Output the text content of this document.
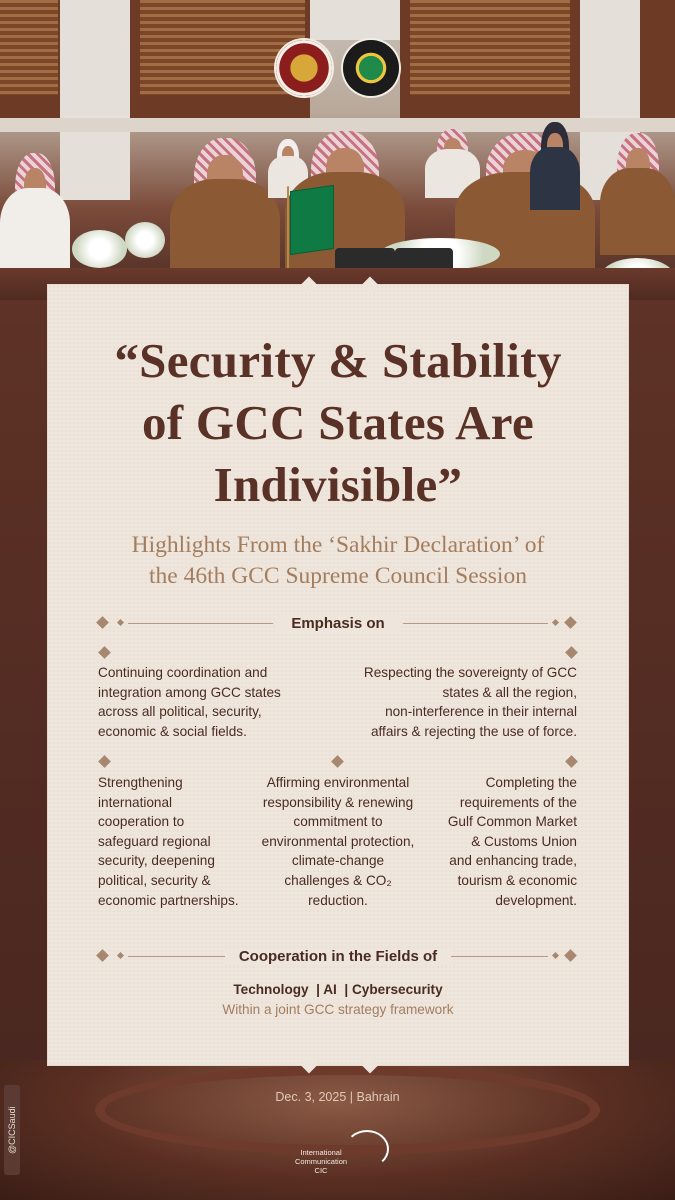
@CICSaudi
“Security & Stability
of GCC States Are
Indivisible”
Highlights From the ‘Sakhir Declaration’ of
the 46th GCC Supreme Council Session
Emphasis on
Continuing coordination and
integration among GCC states
across all political, security,
economic & social fields.
Respecting the sovereignty of GCC
states & all the region,
non-interference in their internal
affairs & rejecting the use of force.
Strengthening
international
cooperation to
safeguard regional
security, deepening
political, security &
economic partnerships.
Affirming environmental
responsibility & renewing
commitment to
environmental protection,
climate-change
challenges & CO₂
reduction.
Completing the
requirements of the
Gulf Common Market
& Customs Union
and enhancing trade,
tourism & economic
development.
Cooperation in the Fields of
Technology  | AI  | Cybersecurity
Within a joint GCC strategy framework
Dec. 3, 2025 | Bahrain
International
Communication
CIC
